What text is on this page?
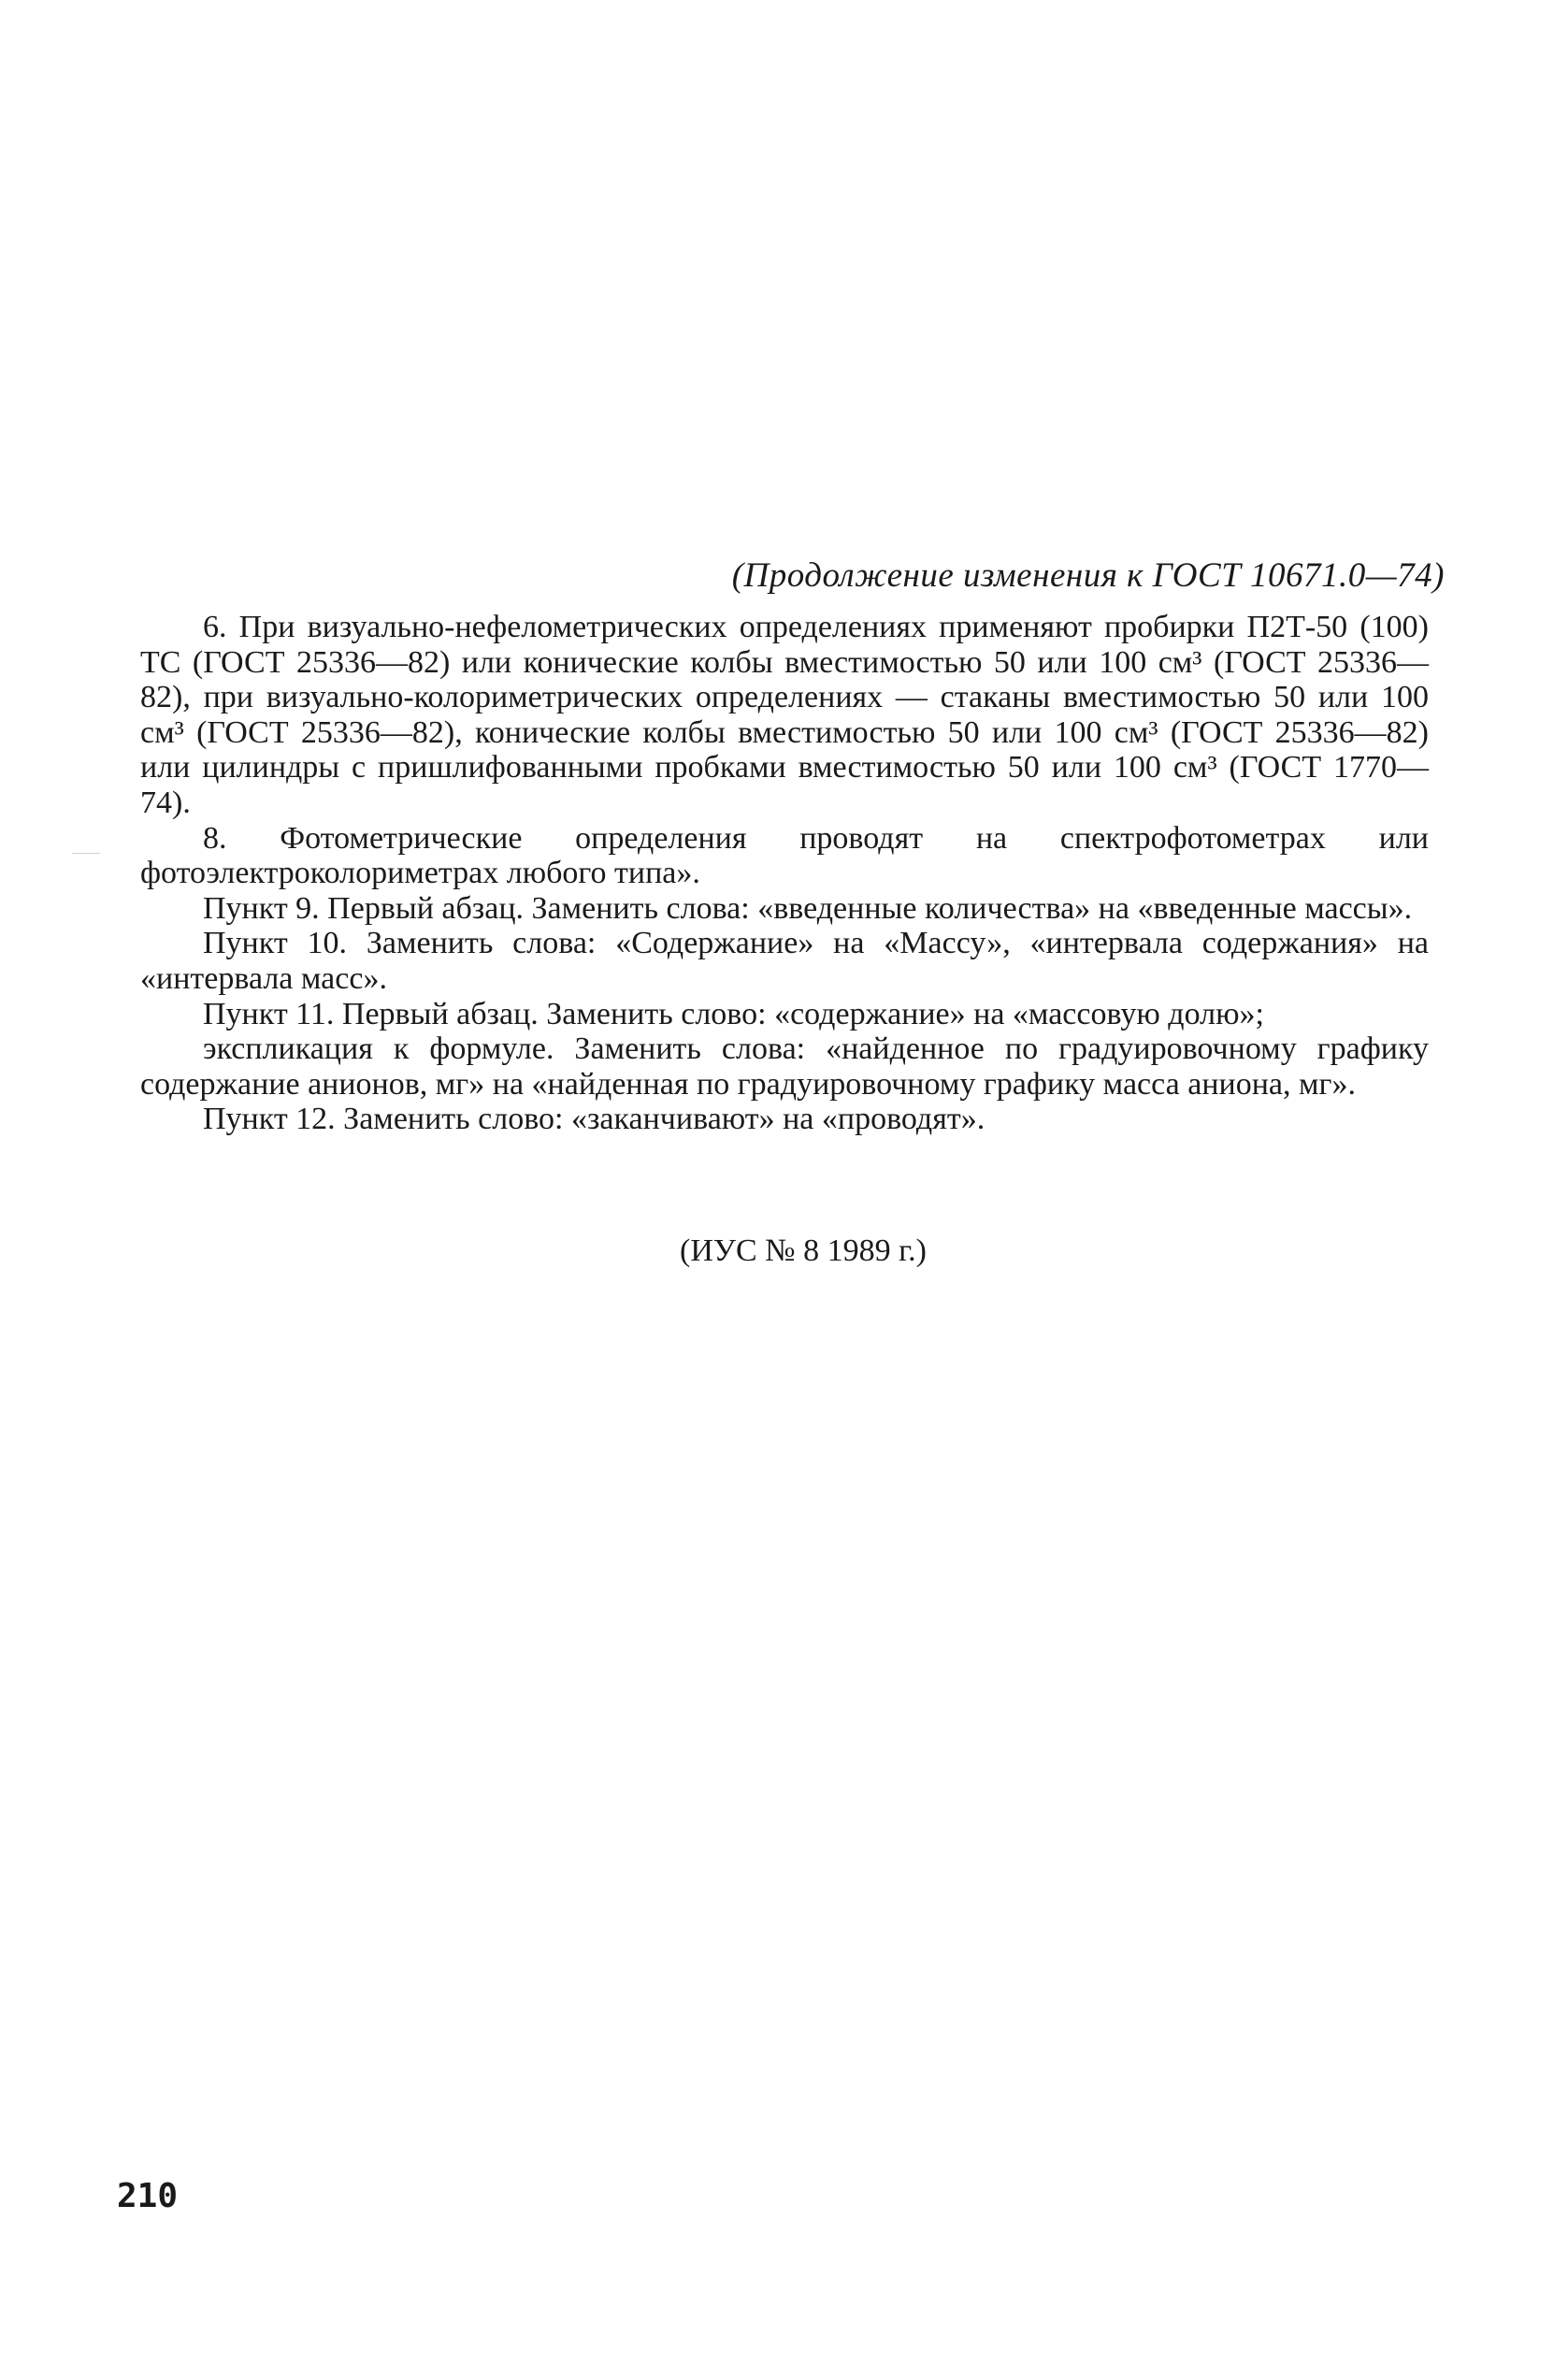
(Продолжение изменения к ГОСТ 10671.0—74)

6. При визуально-нефелометрических определениях применяют пробирки П2Т-50 (100) ТС (ГОСТ 25336—82) или конические колбы вместимостью 50 или 100 см³ (ГОСТ 25336—82), при визуально-колориметрических определениях — стаканы вместимостью 50 или 100 см³ (ГОСТ 25336—82), конические колбы вместимостью 50 или 100 см³ (ГОСТ 25336—82) или цилиндры с пришлифованными пробками вместимостью 50 или 100 см³ (ГОСТ 1770—74).

8. Фотометрические определения проводят на спектрофотометрах или фотоэлектроколориметрах любого типа».

Пункт 9. Первый абзац. Заменить слова: «введенные количества» на «введенные массы».

Пункт 10. Заменить слова: «Содержание» на «Массу», «интервала содержания» на «интервала масс».

Пункт 11. Первый абзац. Заменить слово: «содержание» на «массовую долю»;

экспликация к формуле. Заменить слова: «найденное по градуировочному графику содержание анионов, мг» на «найденная по градуировочному графику масса аниона, мг».

Пункт 12. Заменить слово: «заканчивают» на «проводят».

(ИУС № 8 1989 г.)
210
